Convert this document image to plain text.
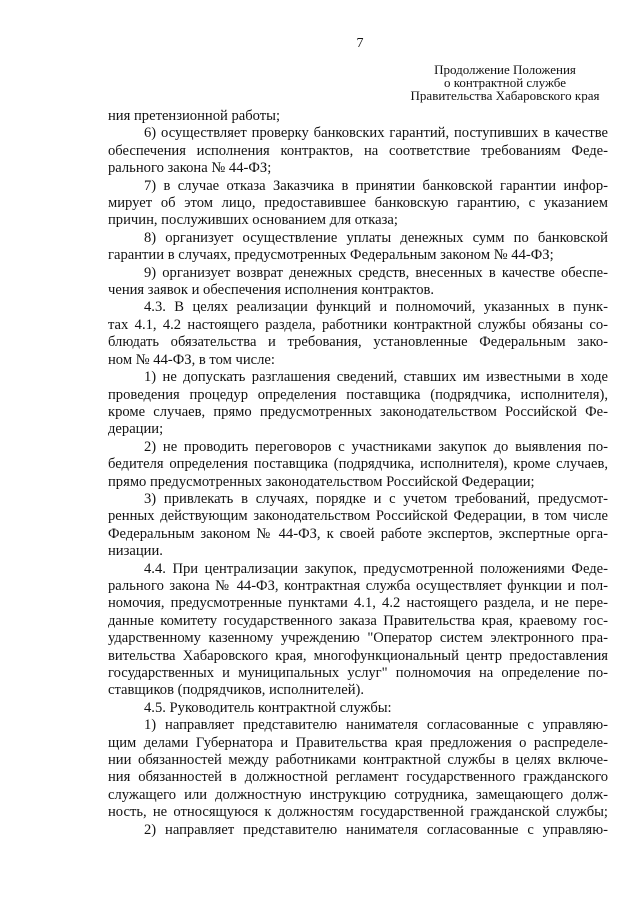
7
Продолжение Положения
о контрактной службе
Правительства Хабаровского края
ния претензионной работы;
6) осуществляет проверку банковских гарантий, поступивших в качестве
обеспечения исполнения контрактов, на соответствие требованиям Феде-
рального закона № 44-ФЗ;
7) в случае отказа Заказчика в принятии банковской гарантии инфор-
мирует об этом лицо, предоставившее банковскую гарантию, с указанием
причин, послуживших основанием для отказа;
8) организует осуществление уплаты денежных сумм по банковской
гарантии в случаях, предусмотренных Федеральным законом № 44-ФЗ;
9) организует возврат денежных средств, внесенных в качестве обеспе-
чения заявок и обеспечения исполнения контрактов.
4.3. В целях реализации функций и полномочий, указанных в пунк-
тах 4.1, 4.2 настоящего раздела, работники контрактной службы обязаны со-
блюдать обязательства и требования, установленные Федеральным зако-
ном № 44-ФЗ, в том числе:
1) не допускать разглашения сведений, ставших им известными в ходе
проведения процедур определения поставщика (подрядчика, исполнителя),
кроме случаев, прямо предусмотренных законодательством Российской Фе-
дерации;
2) не проводить переговоров с участниками закупок до выявления по-
бедителя определения поставщика (подрядчика, исполнителя), кроме случаев,
прямо предусмотренных законодательством Российской Федерации;
3) привлекать в случаях, порядке и с учетом требований, предусмот-
ренных действующим законодательством Российской Федерации, в том числе
Федеральным законом № 44-ФЗ, к своей работе экспертов, экспертные орга-
низации.
4.4. При централизации закупок, предусмотренной положениями Феде-
рального закона № 44-ФЗ, контрактная служба осуществляет функции и пол-
номочия, предусмотренные пунктами 4.1, 4.2 настоящего раздела, и не пере-
данные комитету государственного заказа Правительства края, краевому гос-
ударственному казенному учреждению "Оператор систем электронного пра-
вительства Хабаровского края, многофункциональный центр предоставления
государственных и муниципальных услуг" полномочия на определение по-
ставщиков (подрядчиков, исполнителей).
4.5. Руководитель контрактной службы:
1) направляет представителю нанимателя согласованные с управляю-
щим делами Губернатора и Правительства края предложения о распределе-
нии обязанностей между работниками контрактной службы в целях включе-
ния обязанностей в должностной регламент государственного гражданского
служащего или должностную инструкцию сотрудника, замещающего долж-
ность, не относящуюся к должностям государственной гражданской службы;
2) направляет представителю нанимателя согласованные с управляю-
